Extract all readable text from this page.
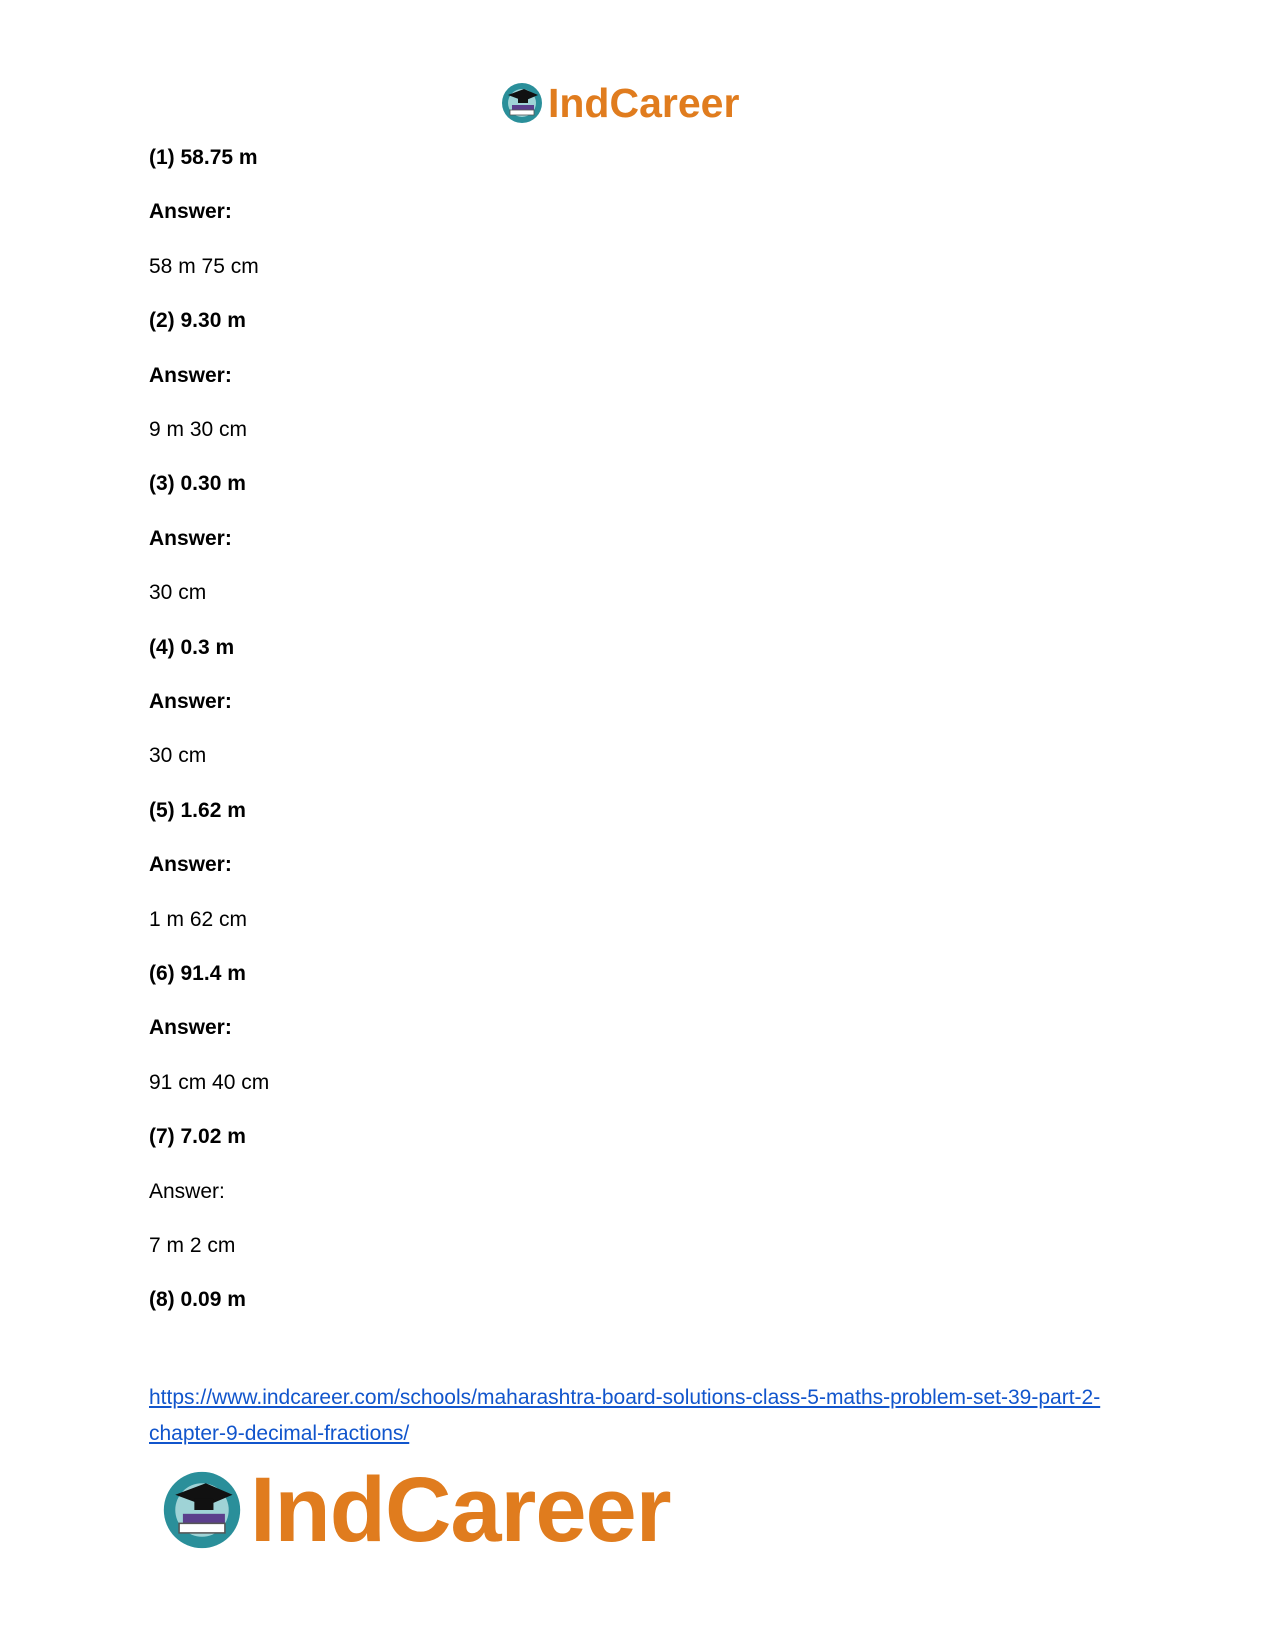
IndCareer

(1) 58.75 m

Answer:

58 m 75 cm

(2) 9.30 m

Answer:

9 m 30 cm

(3) 0.30 m

Answer:

30 cm

(4) 0.3 m

Answer:

30 cm

(5) 1.62 m

Answer:

1 m 62 cm

(6) 91.4 m

Answer:

91 cm 40 cm

(7) 7.02 m

Answer:

7 m 2 cm

(8) 0.09 m

https://www.indcareer.com/schools/maharashtra-board-solutions-class-5-maths-problem-set-39-part-2-chapter-9-decimal-fractions/
IndCareer
